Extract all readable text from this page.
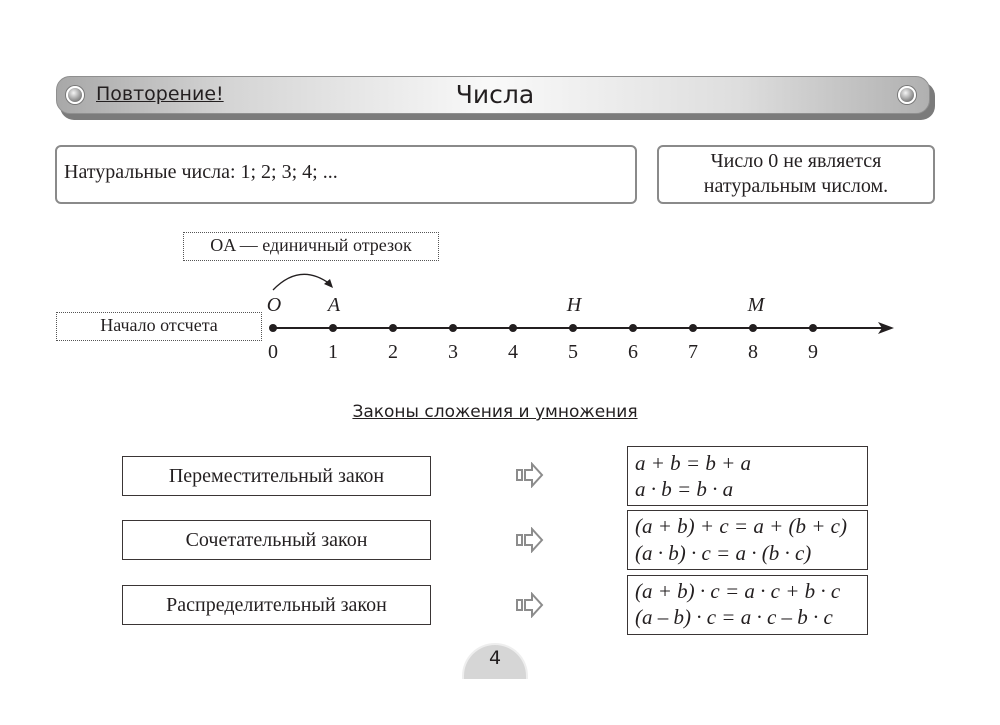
Повторение!	Числа
Натуральные числа: 1; 2; 3; 4; ...	Число 0 не является
натуральным числом.
OA — единичный отрезок
Начало отсчета
0	1	2	3	4	5	6	7	8	9
O	A	H	M
Законы сложения и умножения
Переместительный закон
a + b = b + a
a · b = b · a
Сочетательный закон
(a + b) + c = a + (b + c)
(a · b) · c = a · (b · c)
Распределительный закон
(a + b) · c = a · c + b · c
(a – b) · c = a · c – b · c
4
